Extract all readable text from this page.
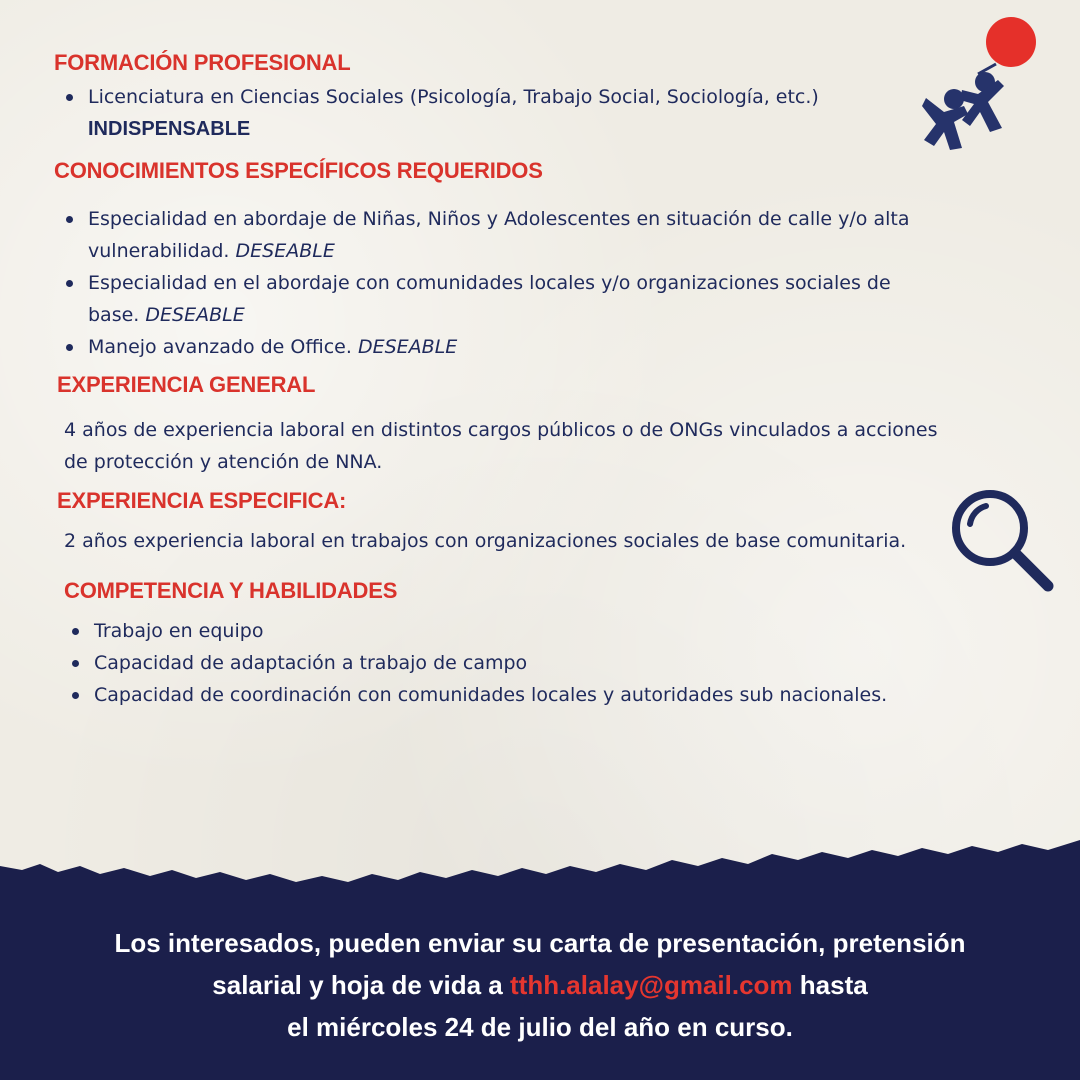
FORMACIÓN PROFESIONAL
Licenciatura en Ciencias Sociales (Psicología, Trabajo Social, Sociología, etc.)
INDISPENSABLE
CONOCIMIENTOS ESPECÍFICOS REQUERIDOS
Especialidad en abordaje de Niñas, Niños y Adolescentes en situación de calle y/o alta
vulnerabilidad. DESEABLE
Especialidad en el abordaje con comunidades locales y/o organizaciones sociales de
base. DESEABLE
Manejo avanzado de Office. DESEABLE
EXPERIENCIA GENERAL
4 años de experiencia laboral en distintos cargos públicos o de ONGs vinculados a acciones
de protección y atención de NNA.
EXPERIENCIA ESPECIFICA:
2 años experiencia laboral en trabajos con organizaciones sociales de base comunitaria.
COMPETENCIA Y HABILIDADES
Trabajo en equipo
Capacidad de adaptación a trabajo de campo
Capacidad de coordinación con comunidades locales y autoridades sub nacionales.
Los interesados, pueden enviar su carta de presentación, pretensión
salarial y hoja de vida a tthh.alalay@gmail.com hasta
el miércoles 24 de julio del año en curso.
